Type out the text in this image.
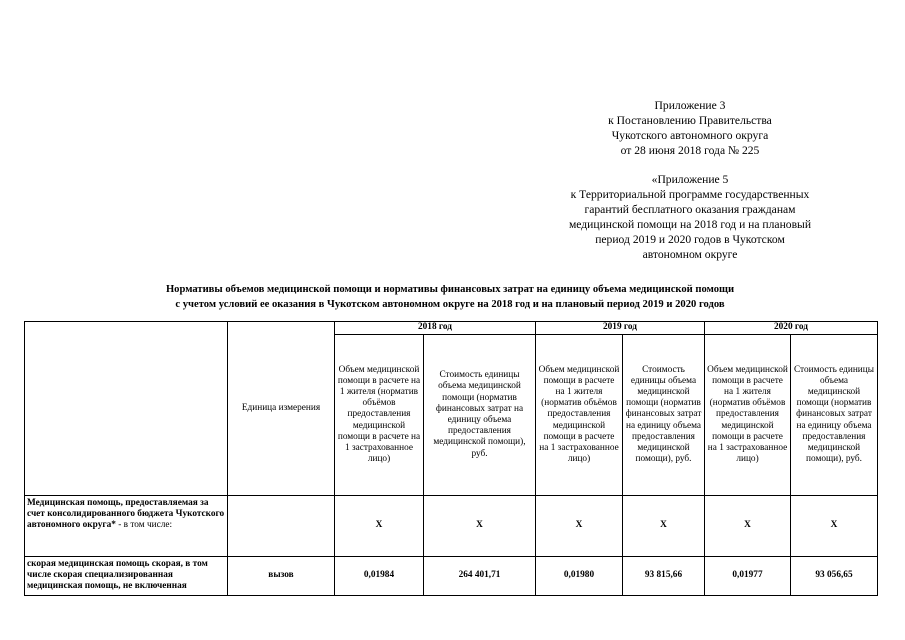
Приложение 3
к Постановлению Правительства
Чукотского автономного округа
от 28 июня 2018 года № 225
«Приложение 5
к Территориальной программе государственных
гарантий бесплатного оказания гражданам
медицинской помощи на 2018 год и на плановый
период 2019 и 2020 годов в Чукотском
автономном округе
Нормативы объемов медицинской помощи и нормативы финансовых затрат на единицу объема медицинской помощи
с учетом условий ее оказания в Чукотском автономном округе на 2018 год и на плановый период 2019 и 2020 годов
	Единица измерения	2018 год		2019 год		2020 год	
		Объем медицинской помощи в расчете на 1 жителя (норматив объёмов предоставления медицинской помощи в расчете на 1 застрахованное лицо)	Стоимость единицы объема медицинской помощи (норматив финансовых затрат на единицу объема предоставления медицинской помощи), руб.	Объем медицинской помощи в расчете на 1 жителя (норматив объёмов предоставления медицинской помощи в расчете на 1 застрахованное лицо)	Стоимость единицы объема медицинской помощи (норматив финансовых затрат на единицу объема предоставления медицинской помощи), руб.	Объем медицинской помощи в расчете на 1 жителя (норматив объёмов предоставления медицинской помощи в расчете на 1 застрахованное лицо)	Стоимость единицы объема медицинской помощи (норматив финансовых затрат на единицу объема предоставления медицинской помощи), руб.
Медицинская помощь, предоставляемая за счет консолидированного бюджета Чукотского автономного округа* - в том числе:		Х	Х	Х	Х	Х	Х
скорая медицинская помощь скорая, в том числе скорая специализированная медицинская помощь, не включенная	вызов	0,01984	264 401,71	0,01980	93 815,66	0,01977	93 056,65
